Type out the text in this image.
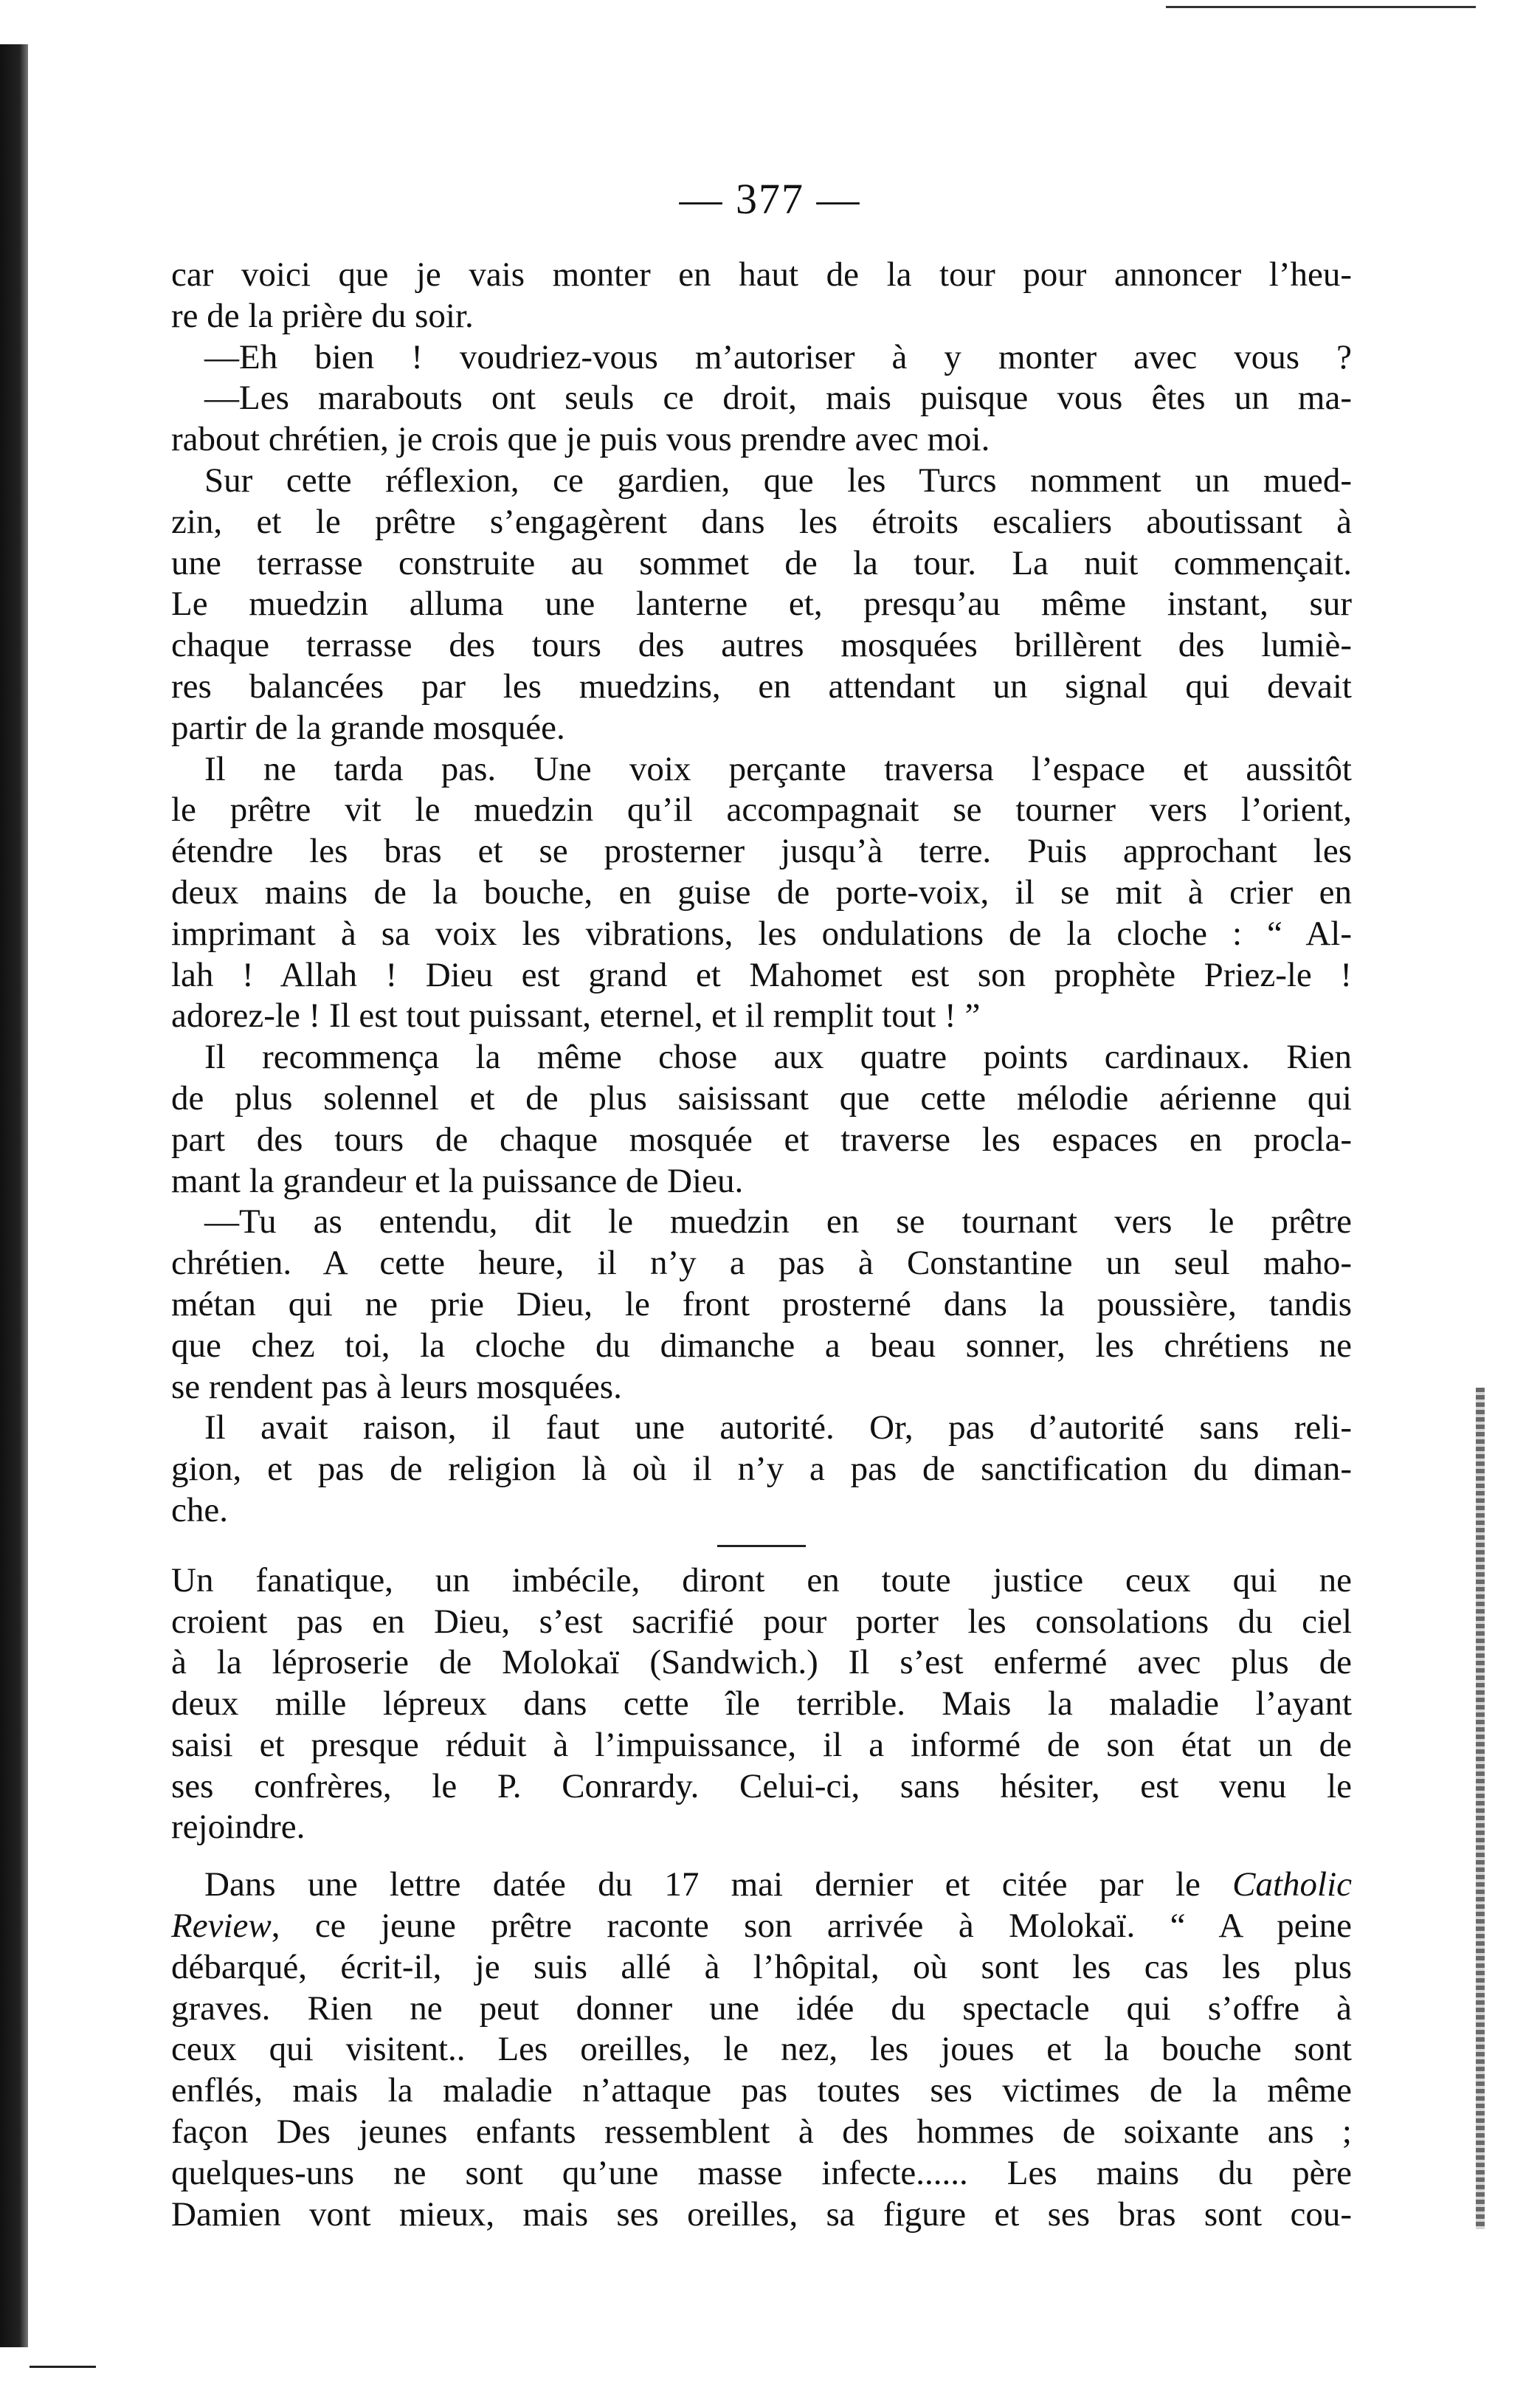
— 377 —
car voici que je vais monter en haut de la tour pour annoncer l’heu-
re de la prière du soir.
—Eh bien ! voudriez-vous m’autoriser à y monter avec vous ?
—Les marabouts ont seuls ce droit, mais puisque vous êtes un ma-
rabout chrétien, je crois que je puis vous prendre avec moi.
Sur cette réflexion, ce gardien, que les Turcs nomment un mued-
zin, et le prêtre s’engagèrent dans les étroits escaliers aboutissant à
une terrasse construite au sommet de la tour. La nuit commençait.
Le muedzin alluma une lanterne et, presqu’au même instant, sur
chaque terrasse des tours des autres mosquées brillèrent des lumiè-
res balancées par les muedzins, en attendant un signal qui devait
partir de la grande mosquée.
Il ne tarda pas. Une voix perçante traversa l’espace et aussitôt
le prêtre vit le muedzin qu’il accompagnait se tourner vers l’orient,
étendre les bras et se prosterner jusqu’à terre. Puis approchant les
deux mains de la bouche, en guise de porte-voix, il se mit à crier en
imprimant à sa voix les vibrations, les ondulations de la cloche : “ Al-
lah ! Allah ! Dieu est grand et Mahomet est son prophète Priez-le !
adorez-le ! Il est tout puissant, eternel, et il remplit tout ! ”
Il recommença la même chose aux quatre points cardinaux. Rien
de plus solennel et de plus saisissant que cette mélodie aérienne qui
part des tours de chaque mosquée et traverse les espaces en procla-
mant la grandeur et la puissance de Dieu.
—Tu as entendu, dit le muedzin en se tournant vers le prêtre
chrétien. A cette heure, il n’y a pas à Constantine un seul maho-
métan qui ne prie Dieu, le front prosterné dans la poussière, tandis
que chez toi, la cloche du dimanche a beau sonner, les chrétiens ne
se rendent pas à leurs mosquées.
Il avait raison, il faut une autorité. Or, pas d’autorité sans reli-
gion, et pas de religion là où il n’y a pas de sanctification du diman-
che.
Un fanatique, un imbécile, diront en toute justice ceux qui ne
croient pas en Dieu, s’est sacrifié pour porter les consolations du ciel
à la léproserie de Molokaï (Sandwich.) Il s’est enfermé avec plus de
deux mille lépreux dans cette île terrible. Mais la maladie l’ayant
saisi et presque réduit à l’impuissance, il a informé de son état un de
ses confrères, le P. Conrardy. Celui-ci, sans hésiter, est venu le
rejoindre.
Dans une lettre datée du 17 mai dernier et citée par le Catholic
Review, ce jeune prêtre raconte son arrivée à Molokaï. “ A peine
débarqué, écrit-il, je suis allé à l’hôpital, où sont les cas les plus
graves. Rien ne peut donner une idée du spectacle qui s’offre à
ceux qui visitent.. Les oreilles, le nez, les joues et la bouche sont
enflés, mais la maladie n’attaque pas toutes ses victimes de la même
façon Des jeunes enfants ressemblent à des hommes de soixante ans ;
quelques-uns ne sont qu’une masse infecte...... Les mains du père
Damien vont mieux, mais ses oreilles, sa figure et ses bras sont cou-
